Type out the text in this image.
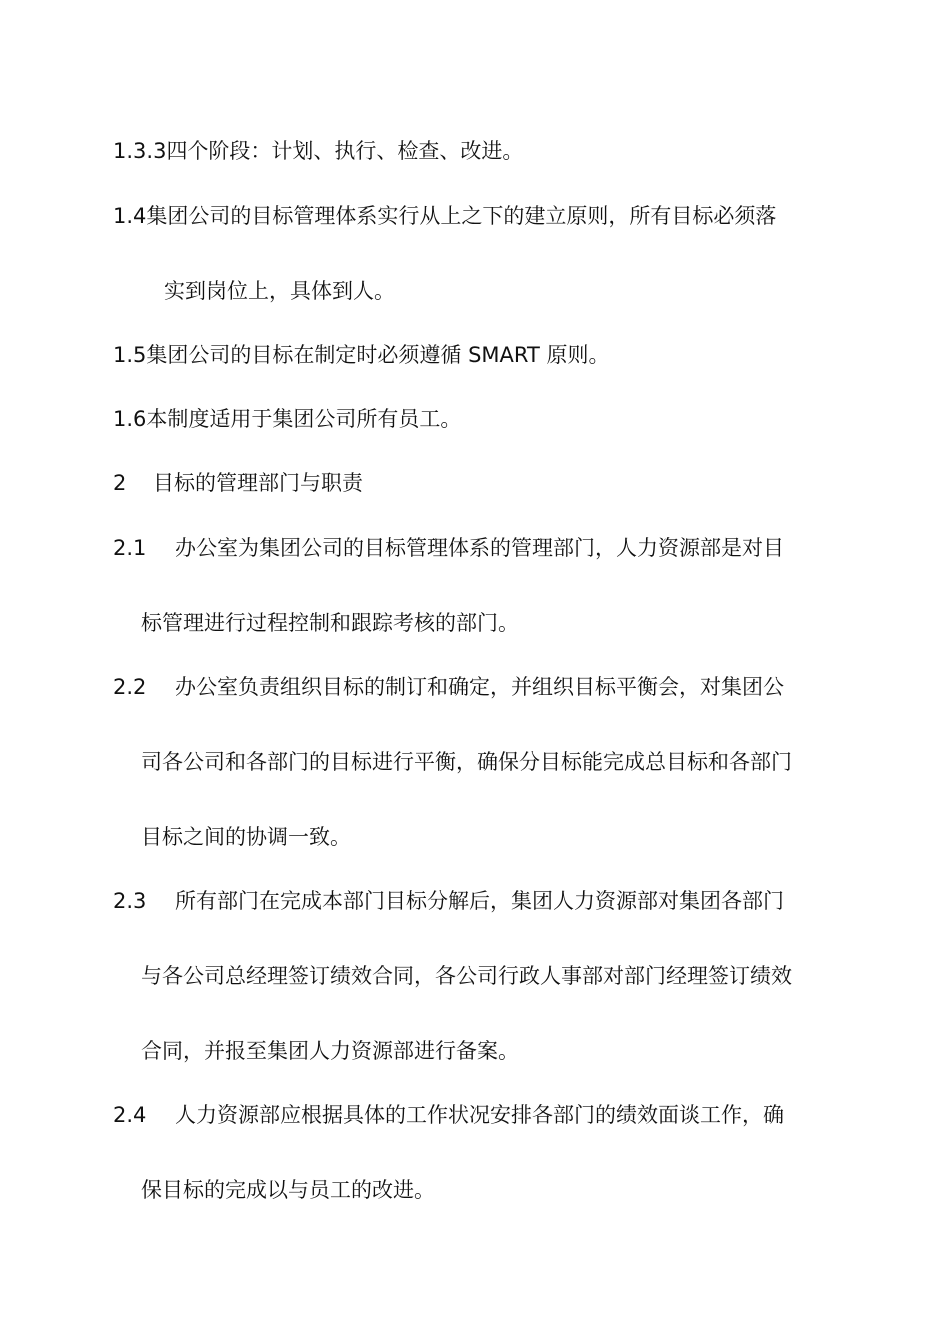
1.3.3四个阶段：计划、执行、检查、改进。
1.4集团公司的目标管理体系实行从上之下的建立原则，所有目标必须落
实到岗位上，具体到人。
1.5集团公司的目标在制定时必须遵循 SMART 原则。
1.6本制度适用于集团公司所有员工。
2 目标的管理部门与职责
2.1 办公室为集团公司的目标管理体系的管理部门，人力资源部是对目
标管理进行过程控制和跟踪考核的部门。
2.2 办公室负责组织目标的制订和确定，并组织目标平衡会，对集团公
司各公司和各部门的目标进行平衡，确保分目标能完成总目标和各部门
目标之间的协调一致。
2.3 所有部门在完成本部门目标分解后，集团人力资源部对集团各部门
与各公司总经理签订绩效合同，各公司行政人事部对部门经理签订绩效
合同，并报至集团人力资源部进行备案。
2.4 人力资源部应根据具体的工作状况安排各部门的绩效面谈工作，确
保目标的完成以与员工的改进。
